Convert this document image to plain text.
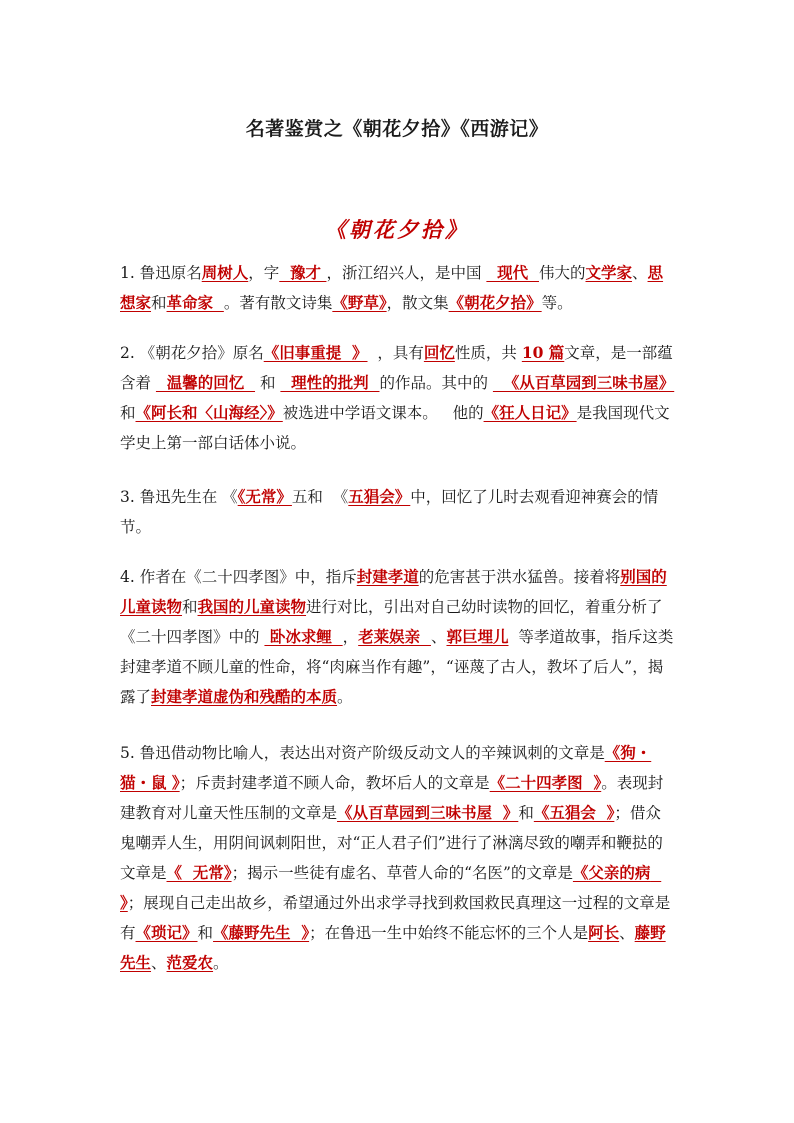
名著鉴赏之《朝花夕拾》《西游记》
《朝花夕拾》
1. 鲁迅原名周树人，字  豫才 ，浙江绍兴人，是中国   现代  伟大的文学家、思想家和革命家  。著有散文诗集《野草》，散文集《朝花夕拾》等。
2. 《朝花夕拾》原名《旧事重提  》  ，具有回忆性质，共 10 篇文章，是一部蕴含着   温馨的回忆   和   理性的批判  的作品。其中的   《从百草园到三味书屋》和《阿长和〈山海经〉》被选进中学语文课本。   他的《狂人日记》是我国现代文学史上第一部白话体小说。
3. 鲁迅先生在 《《无常》五和  《五猖会》中，回忆了儿时去观看迎神赛会的情节。
4. 作者在《二十四孝图》中，指斥封建孝道的危害甚于洪水猛兽。接着将别国的儿童读物和我国的儿童读物进行对比，引出对自己幼时读物的回忆，着重分析了《二十四孝图》中的  卧冰求鲤  ，老莱娱亲  、郭巨埋儿  等孝道故事，指斥这类封建孝道不顾儿童的性命，将“肉麻当作有趣”，“诬蔑了古人，教坏了后人”，揭露了封建孝道虚伪和残酷的本质。
5. 鲁迅借动物比喻人，表达出对资产阶级反动文人的辛辣讽刺的文章是《狗・猫・鼠 》；斥责封建孝道不顾人命，教坏后人的文章是《二十四孝图  》。表现封建教育对儿童天性压制的文章是《从百草园到三味书屋  》和《五猖会  》；借众鬼嘲弄人生，用阴间讽刺阳世，对“正人君子们”进行了淋漓尽致的嘲弄和鞭挞的文章是《  无常》；揭示一些徒有虚名、草菅人命的“名医”的文章是《父亲的病  》；展现自己走出故乡，希望通过外出求学寻找到救国救民真理这一过程的文章是有《琐记》和《藤野先生  》；在鲁迅一生中始终不能忘怀的三个人是阿长、藤野先生、范爱农。
